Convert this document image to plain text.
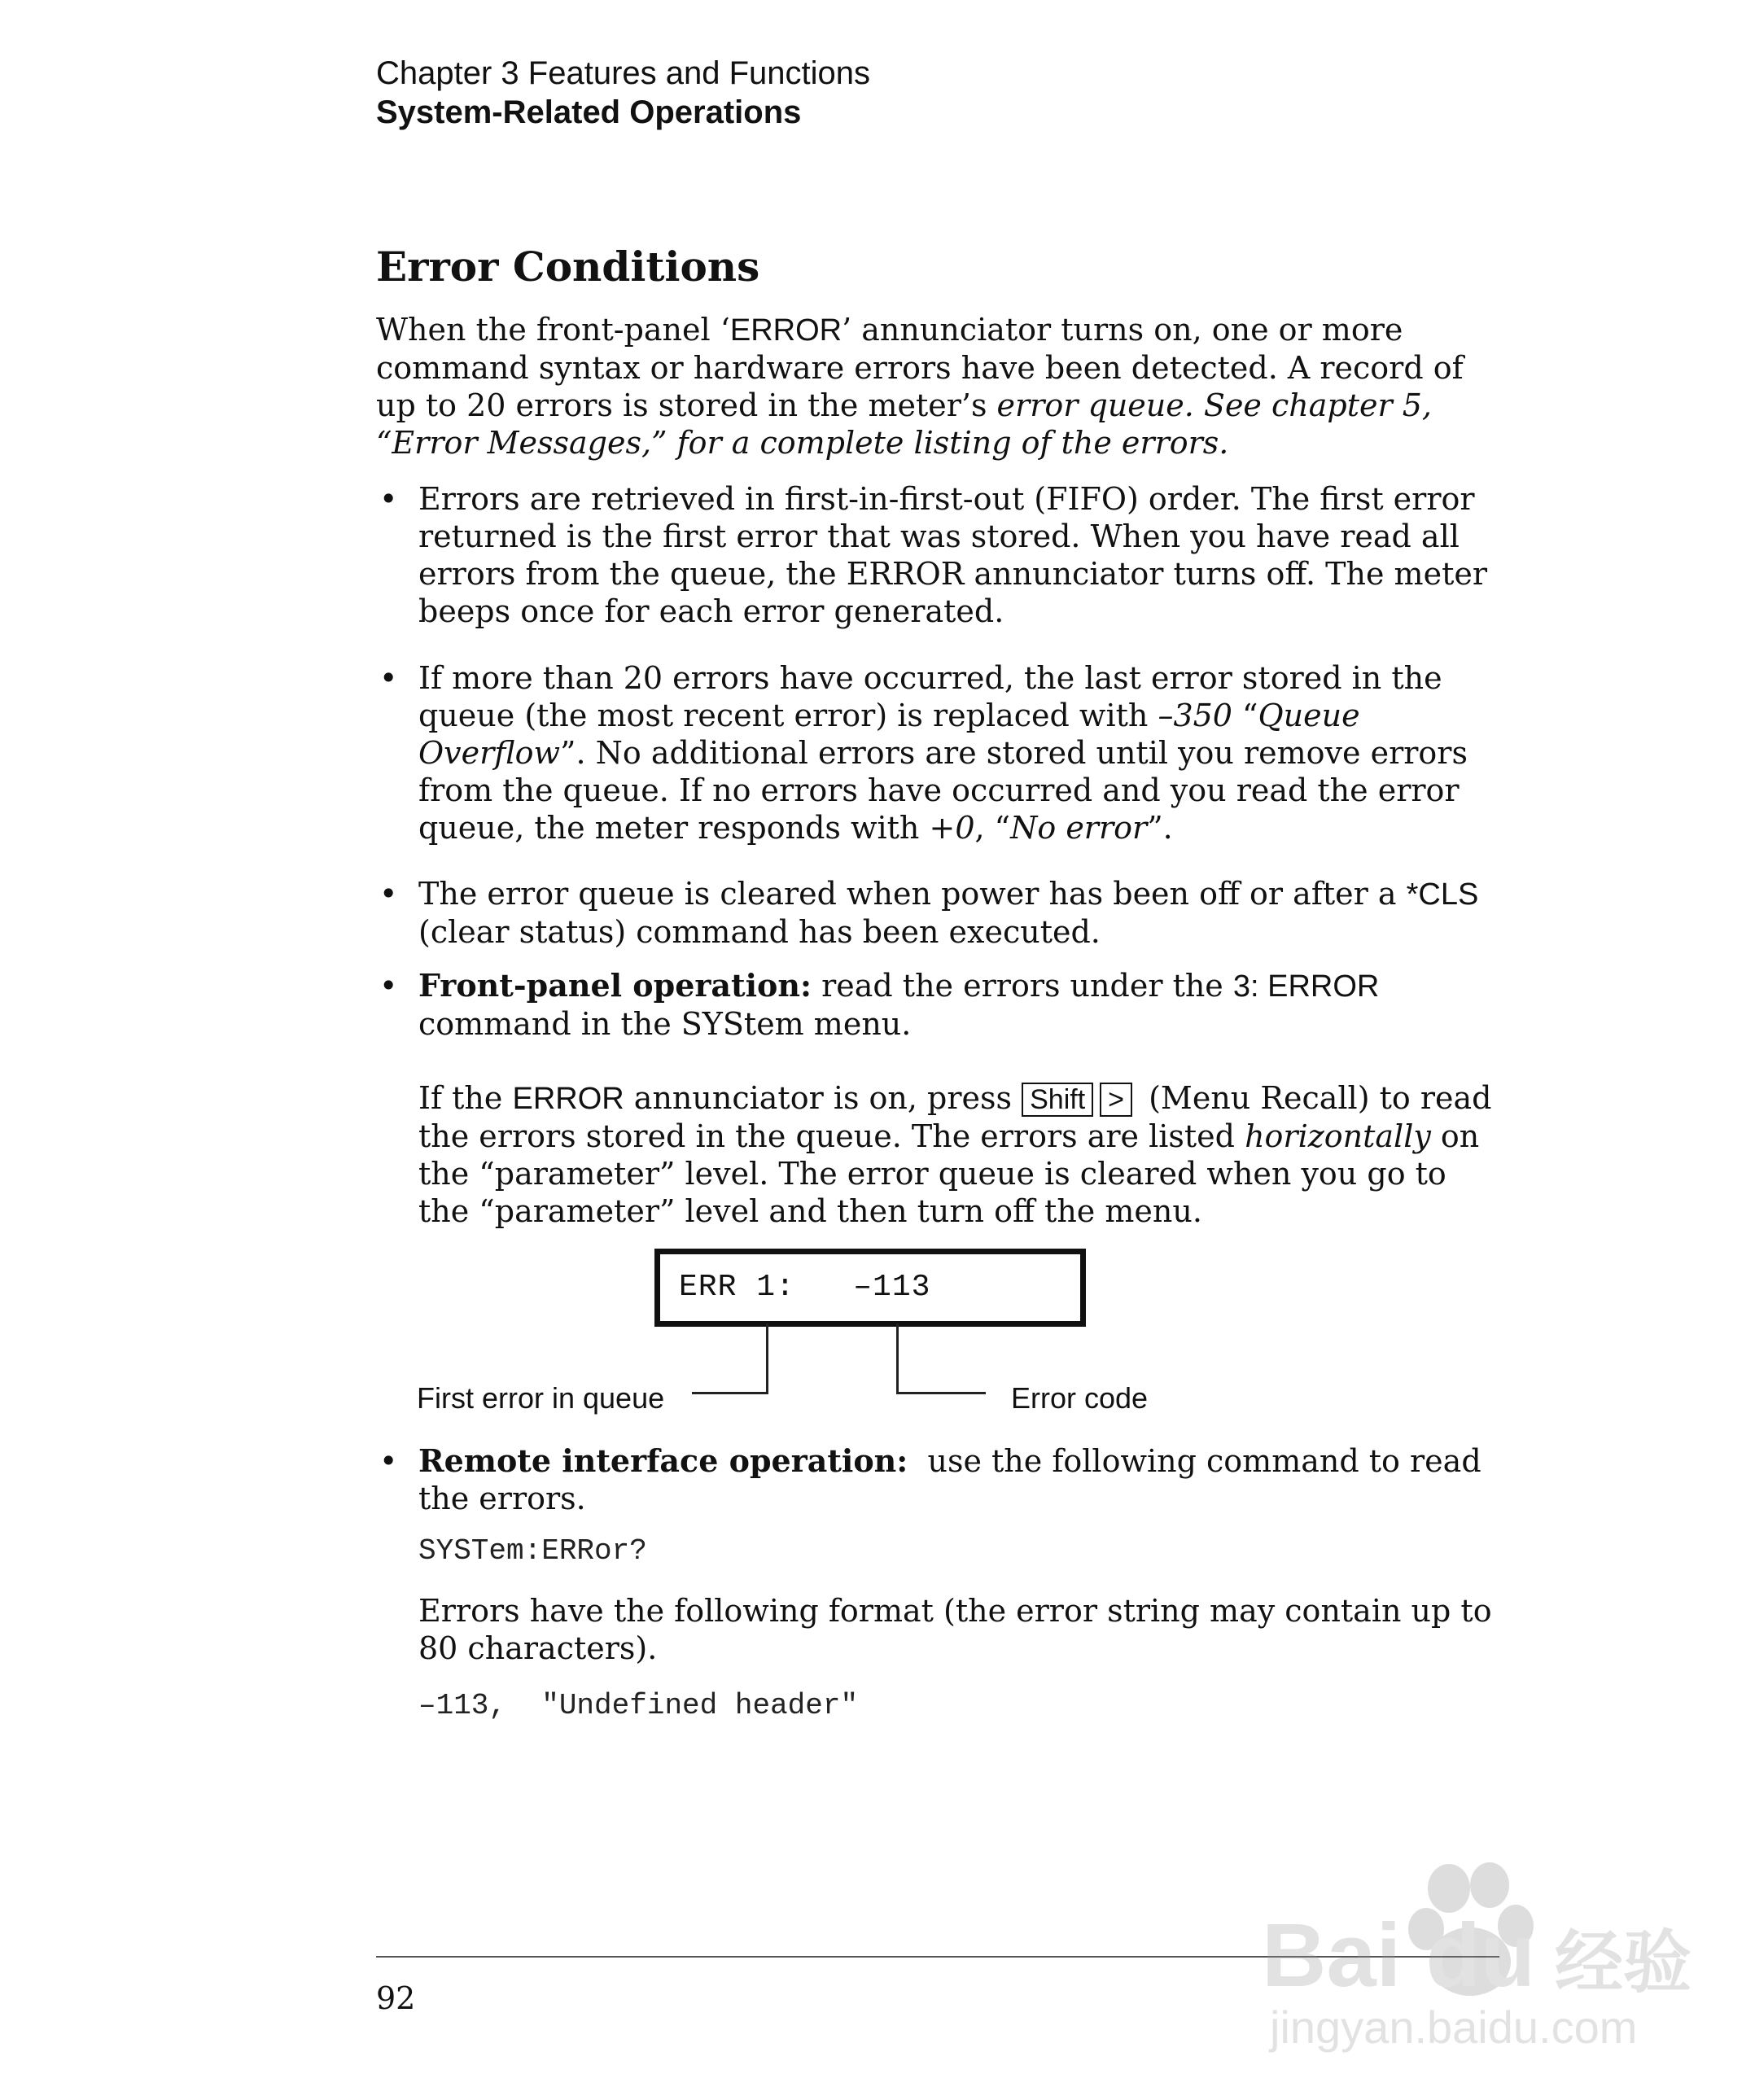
Chapter 3 Features and Functions
System-Related Operations
Error Conditions
When the front-panel ‘ERROR’ annunciator turns on, one or more command syntax or hardware errors have been detected. A record of up to 20 errors is stored in the meter’s error queue. See chapter 5, “Error Messages,” for a complete listing of the errors.
• Errors are retrieved in first-in-first-out (FIFO) order. The first error returned is the first error that was stored. When you have read all errors from the queue, the ERROR annunciator turns off. The meter beeps once for each error generated.
• If more than 20 errors have occurred, the last error stored in the queue (the most recent error) is replaced with –350 “Queue Overflow”. No additional errors are stored until you remove errors from the queue. If no errors have occurred and you read the error queue, the meter responds with +0, “No error”.
• The error queue is cleared when power has been off or after a *CLS (clear status) command has been executed.
• Front-panel operation: read the errors under the 3: ERROR command in the SYStem menu.
If the ERROR annunciator is on, press Shift > (Menu Recall) to read the errors stored in the queue. The errors are listed horizontally on the “parameter” level. The error queue is cleared when you go to the “parameter” level and then turn off the menu.
ERR 1:   –113
First error in queue	Error code
• Remote interface operation:  use the following command to read the errors.
SYSTem:ERRor?
Errors have the following format (the error string may contain up to 80 characters).
–113,  "Undefined header"
92	Bai du 经验
jingyan.baidu.com
